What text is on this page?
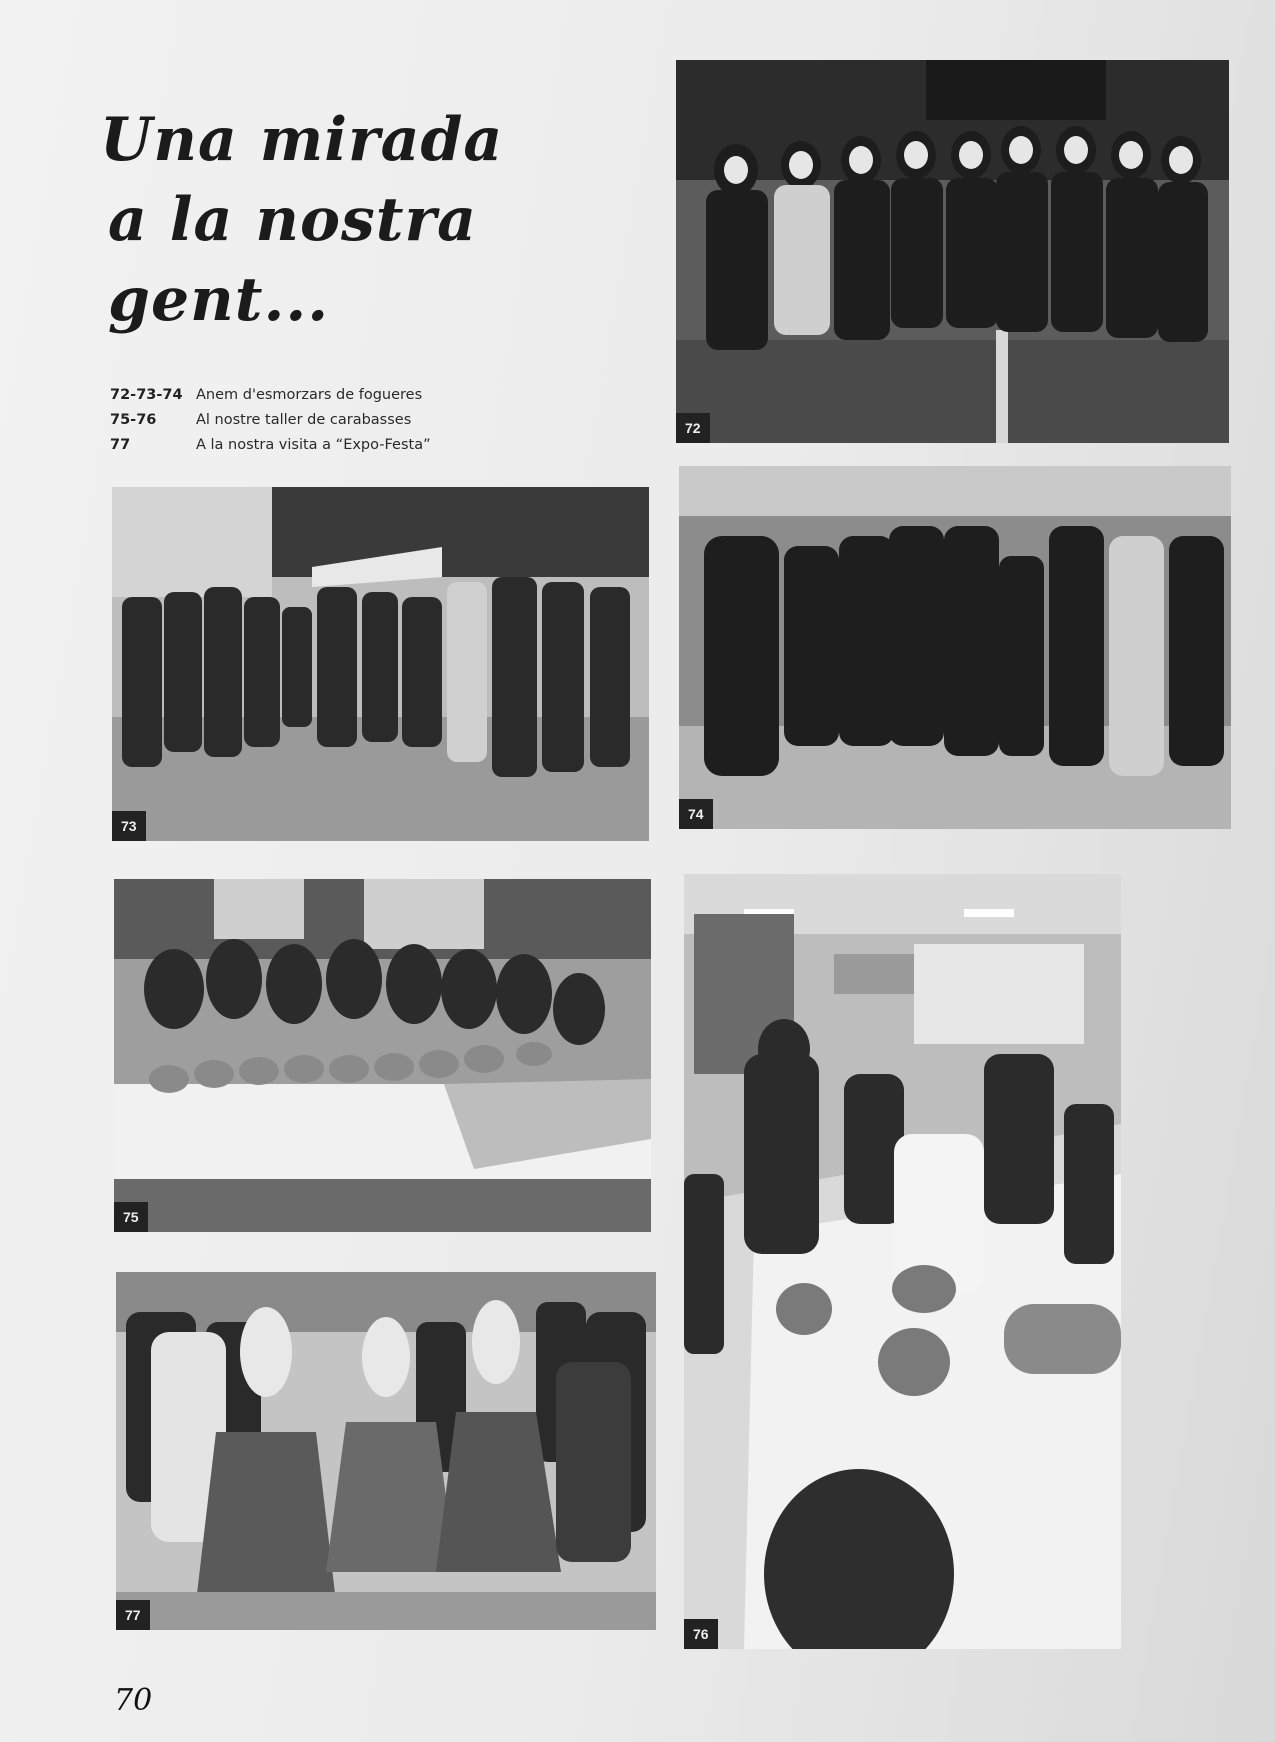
Una mirada
a la nostra gent...
72-73-74 Anem d'esmorzars de fogueres
75-76	Al nostre taller de carabasses
77	A la nostra visita a “Expo-Festa”
72
73
74
75
77
76
70
